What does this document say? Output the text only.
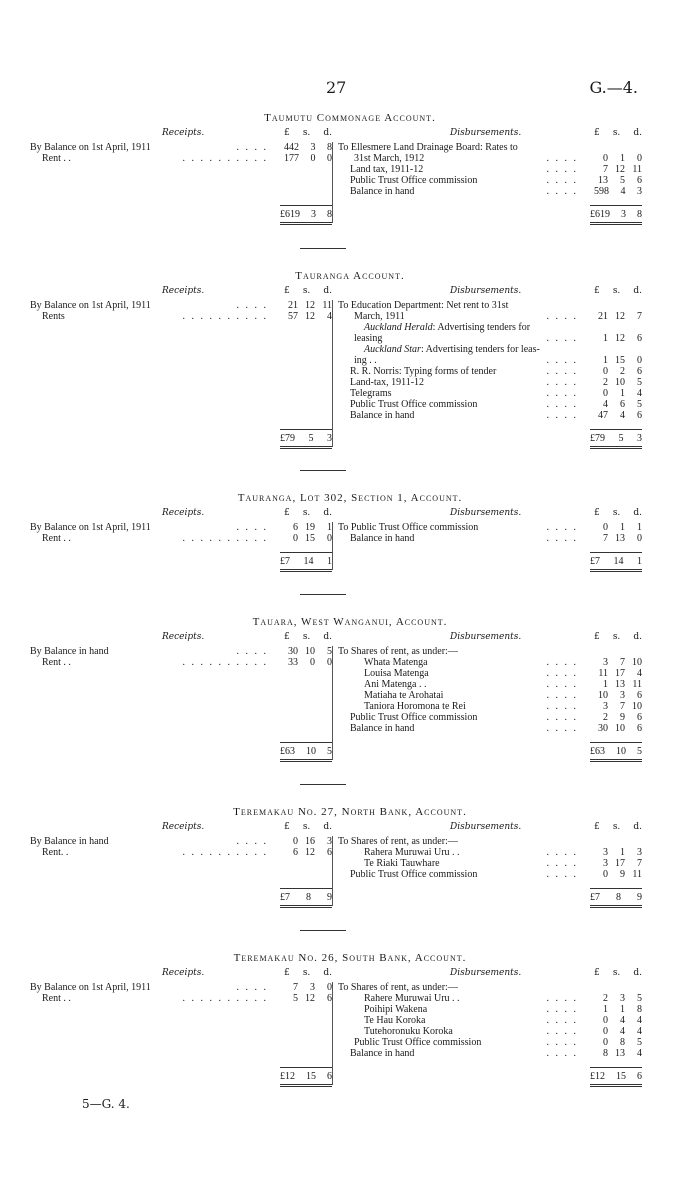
27	G.—4.
Taumutu Commonage Account.
Receipts.	£ s. d.	Disbursements.	£ s. d.
By Balance on 1st April, 1911	. . . . 442	3	8
Rent . .	. . . . . . . . . . 177	0	0
To Ellesmere Land Drainage Board: Rates to
31st March, 1912	. . . .	0	1	0
Land tax, 1911-12	. . . .	7 12 11
Public Trust Office commission	. . . .	13	5	6
Balance in hand	. . . . 598	4	3
£619 3 8	£619 3 8
Tauranga Account.
Receipts.	£ s. d.	Disbursements.	£ s. d.
By Balance on 1st April, 1911	. . . .	21 12 11
Rents	. . . . . . . . . .	57 12	4
To Education Department: Net rent to 31st
March, 1911	. . . .	21 12	7
Auckland Herald: Advertising tenders for
leasing	. . . .	1 12	6
Auckland Star: Advertising tenders for leas-
ing . .	. . . .	1 15	0
R. R. Norris: Typing forms of tender	. . . .	0	2	6
Land-tax, 1911-12	. . . .	2 10	5
Telegrams	. . . .	0	1	4
Public Trust Office commission	. . . .	4	6	5
Balance in hand	. . . .	47	4	6
£79 5 3	£79 5 3
Tauranga, Lot 302, Section 1, Account.
Receipts.	£ s. d.	Disbursements.	£ s. d.
By Balance on 1st April, 1911	. . . .	6 19	1
Rent . .	. . . . . . . . . .	0 15	0
To Public Trust Office commission	. . . .	0	1	1
Balance in hand	. . . .	7 13	0
£7 14 1	£7 14 1
Tauara, West Wanganui, Account.
Receipts.	£ s. d.	Disbursements.	£ s. d.
By Balance in hand	. . . .	30 10	5
Rent . .	. . . . . . . . . .	33	0	0
To Shares of rent, as under:—
Whata Matenga	. . . .	3	7 10
Louisa Matenga	. . . .	11 17	4
Ani Matenga . .	. . . .	1 13 11
Matiaha te Arohatai	. . . .	10	3	6
Taniora Horomona te Rei	. . . .	3	7 10
Public Trust Office commission	. . . .	2	9	6
Balance in hand	. . . .	30 10	6
£63 10 5	£63 10 5
Teremakau No. 27, North Bank, Account.
Receipts.	£ s. d.	Disbursements.	£ s. d.
By Balance in hand	. . . .	0 16	3
Rent. .	. . . . . . . . . .	6 12	6
To Shares of rent, as under:—
Rahera Muruwai Uru . .	. . . .	3	1	3
Te Riaki Tauwhare	. . . .	3 17	7
Public Trust Office commission	. . . .	0	9 11
£7 8 9	£7 8 9
Teremakau No. 26, South Bank, Account.
Receipts.	£ s. d.	Disbursements.	£ s. d.
By Balance on 1st April, 1911	. . . .	7	3	0
Rent . .	. . . . . . . . . .	5 12	6
To Shares of rent, as under:—
Rahere Muruwai Uru . .	. . . .	2	3	5
Poihipi Wakena	. . . .	1	1	8
Te Hau Koroka	. . . .	0	4	4
Tutehoronuku Koroka	. . . .	0	4	4
Public Trust Office commission	. . . .	0	8	5
Balance in hand	. . . .	8 13	4
£12 15 6	£12 15 6
5—G. 4.
